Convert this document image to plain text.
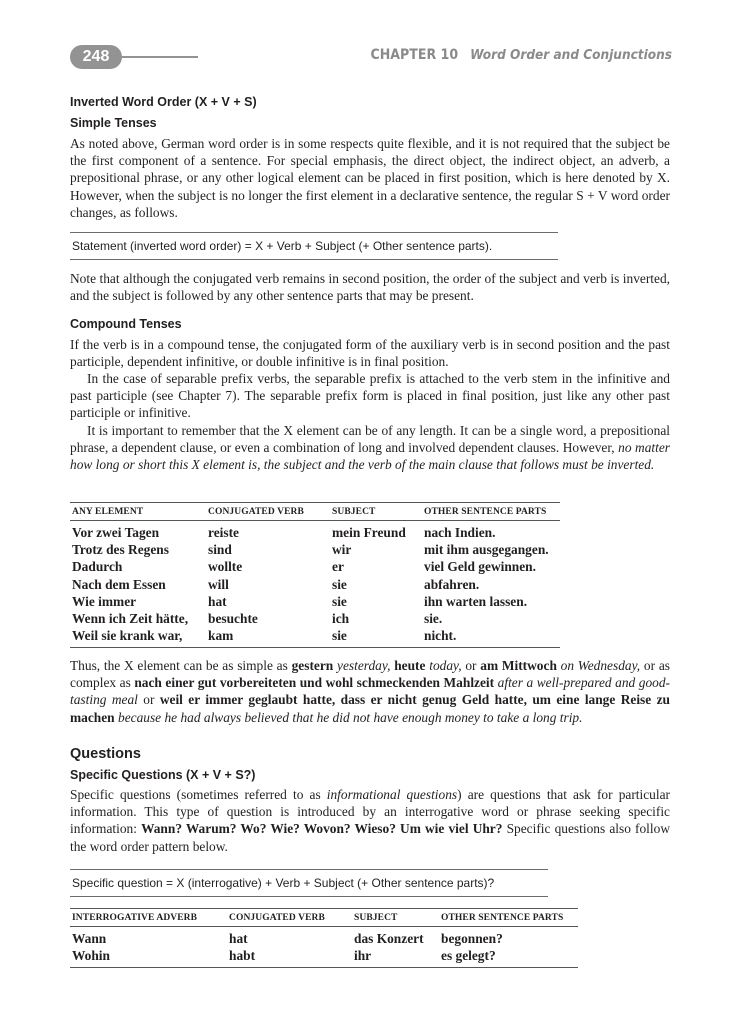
248	CHAPTER 10 Word Order and Conjunctions
Inverted Word Order (X + V + S)
Simple Tenses

As noted above, German word order is in some respects quite flexible, and it is not required that the subject be the first component of a sentence. For special emphasis, the direct object, the indirect object, an adverb, a prepositional phrase, or any other logical element can be placed in first position, which is here denoted by X. However, when the subject is no longer the first element in a declarative sentence, the regular S + V word order changes, as follows.

Statement (inverted word order) = X + Verb + Subject (+ Other sentence parts).

Note that although the conjugated verb remains in second position, the order of the subject and verb is inverted, and the subject is followed by any other sentence parts that may be present.

Compound Tenses

If the verb is in a compound tense, the conjugated form of the auxiliary verb is in second position and the past participle, dependent infinitive, or double infinitive is in final position.

In the case of separable prefix verbs, the separable prefix is attached to the verb stem in the infinitive and past participle (see Chapter 7). The separable prefix form is placed in final position, just like any other past participle or infinitive.

It is important to remember that the X element can be of any length. It can be a single word, a prepositional phrase, a dependent clause, or even a combination of long and involved dependent clauses. However, no matter how long or short this X element is, the subject and the verb of the main clause that follows must be inverted.

ANY ELEMENT	CONJUGATED VERB	SUBJECT	OTHER SENTENCE PARTS
Vor zwei Tagen	reiste	mein Freund	nach Indien.
Trotz des Regens	sind	wir	mit ihm ausgegangen.
Dadurch	wollte	er	viel Geld gewinnen.
Nach dem Essen	will	sie	abfahren.
Wie immer	hat	sie	ihn warten lassen.
Wenn ich Zeit hätte,	besuchte	ich	sie.
Weil sie krank war,	kam	sie	nicht.

Thus, the X element can be as simple as gestern yesterday, heute today, or am Mittwoch on Wednesday, or as complex as nach einer gut vorbereiteten und wohl schmeckenden Mahlzeit after a well-prepared and good-tasting meal or weil er immer geglaubt hatte, dass er nicht genug Geld hatte, um eine lange Reise zu machen because he had always believed that he did not have enough money to take a long trip.

Questions
Specific Questions (X + V + S?)

Specific questions (sometimes referred to as informational questions) are questions that ask for particular information. This type of question is introduced by an interrogative word or phrase seeking specific information: Wann? Warum? Wo? Wie? Wovon? Wieso? Um wie viel Uhr? Specific questions also follow the word order pattern below.

Specific question = X (interrogative) + Verb + Subject (+ Other sentence parts)?
INTERROGATIVE ADVERB	CONJUGATED VERB	SUBJECT	OTHER SENTENCE PARTS
Wann	hat	das Konzert	begonnen?
Wohin	habt	ihr	es gelegt?
